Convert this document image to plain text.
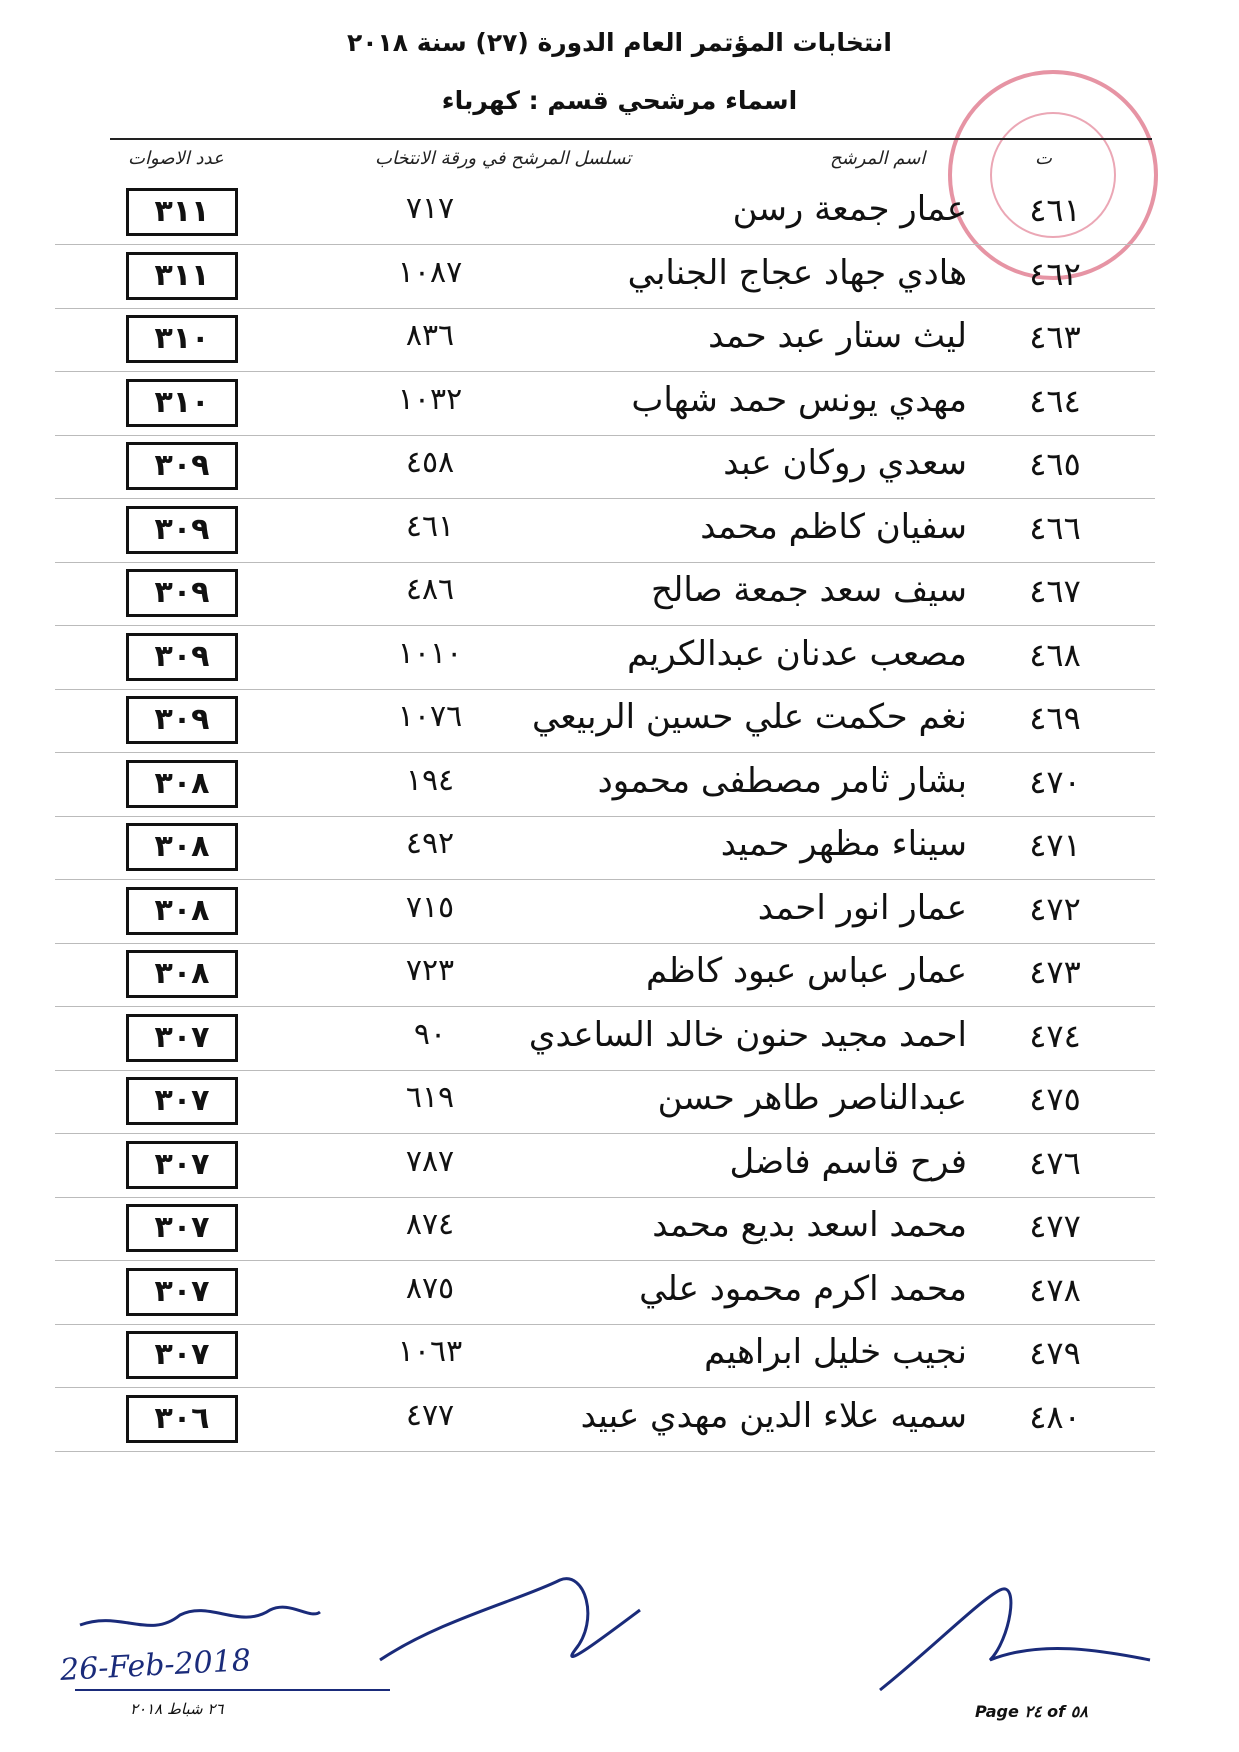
انتخابات المؤتمر العام الدورة (٢٧) سنة ٢٠١٨
اسماء مرشحي قسم : كهرباء
عدد الاصوات	تسلسل المرشح في ورقة الانتخاب	اسم المرشح	ت
٣١١	٧١٧	عمار جمعة رسن	٤٦١
٣١١	١٠٨٧	هادي جهاد عجاج الجنابي	٤٦٢
٣١٠	٨٣٦	ليث ستار عبد حمد	٤٦٣
٣١٠	١٠٣٢	مهدي يونس حمد شهاب	٤٦٤
٣٠٩	٤٥٨	سعدي روكان عبد	٤٦٥
٣٠٩	٤٦١	سفيان كاظم محمد	٤٦٦
٣٠٩	٤٨٦	سيف سعد جمعة صالح	٤٦٧
٣٠٩	١٠١٠	مصعب عدنان عبدالكريم	٤٦٨
٣٠٩	١٠٧٦	نغم حكمت علي حسين الربيعي	٤٦٩
٣٠٨	١٩٤	بشار ثامر مصطفى محمود	٤٧٠
٣٠٨	٤٩٢	سيناء مظهر حميد	٤٧١
٣٠٨	٧١٥	عمار انور احمد	٤٧٢
٣٠٨	٧٢٣	عمار عباس عبود كاظم	٤٧٣
٣٠٧	٩٠	احمد مجيد حنون خالد الساعدي	٤٧٤
٣٠٧	٦١٩	عبدالناصر طاهر حسن	٤٧٥
٣٠٧	٧٨٧	فرح قاسم فاضل	٤٧٦
٣٠٧	٨٧٤	محمد اسعد بديع محمد	٤٧٧
٣٠٧	٨٧٥	محمد اكرم محمود علي	٤٧٨
٣٠٧	١٠٦٣	نجيب خليل ابراهيم	٤٧٩
٣٠٦	٤٧٧	سميه علاء الدين مهدي عبيد	٤٨٠
26-Feb-2018
٢٦ شباط ٢٠١٨	Page ٢٤ of ٥٨
